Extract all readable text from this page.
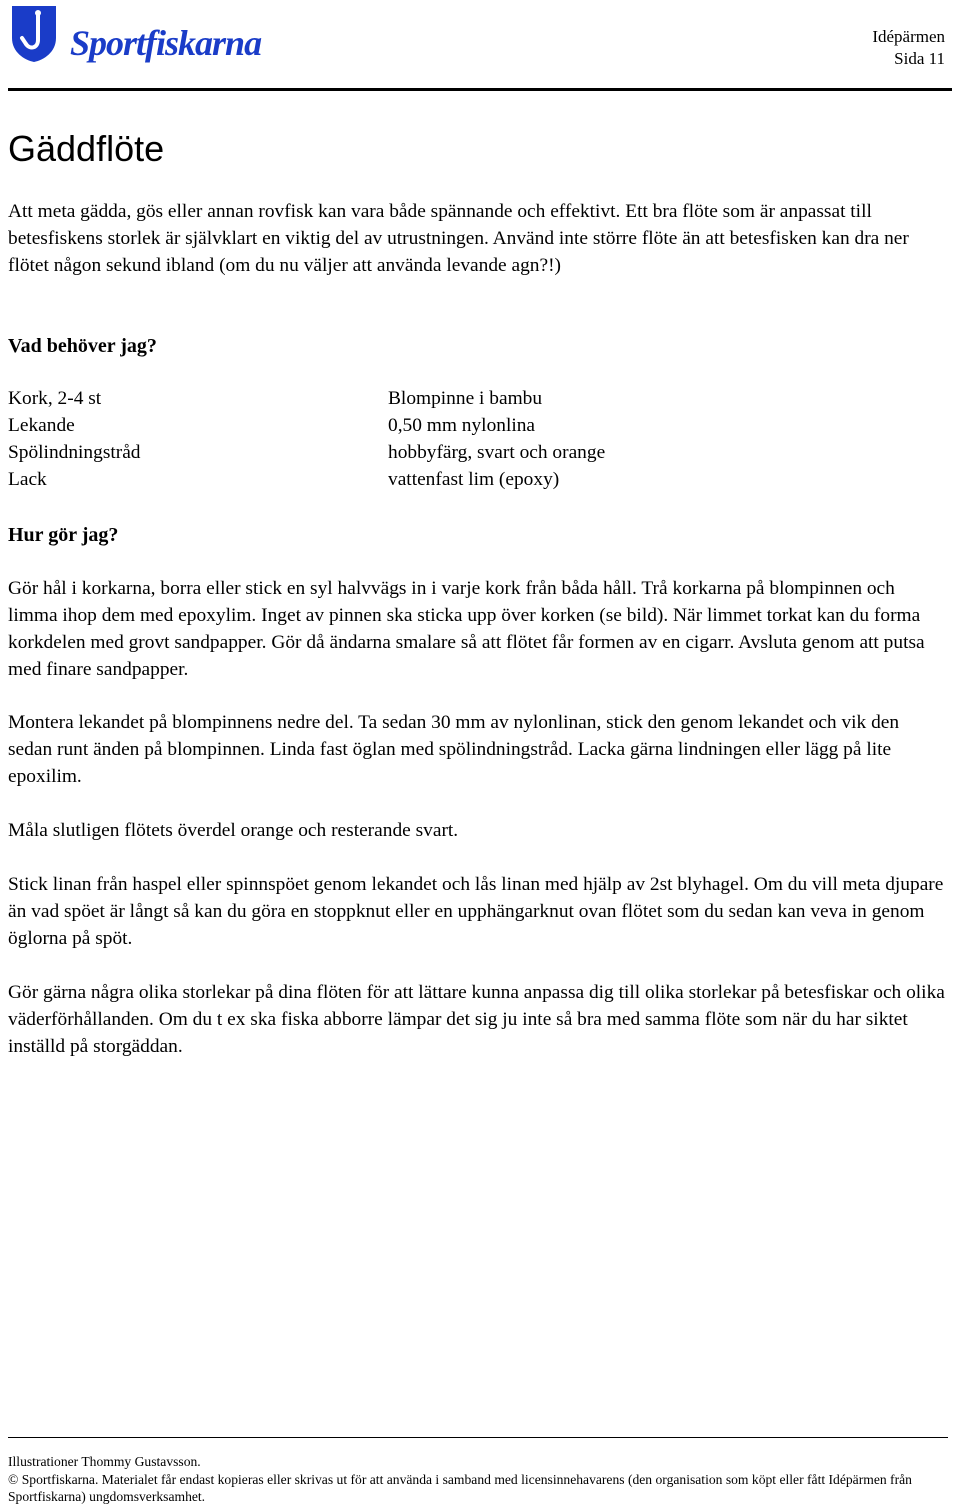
Sportfiskarna	Idépärmen
Sida 11
Gäddflöte

Att meta gädda, gös eller annan rovfisk kan vara både spännande och effektivt. Ett bra flöte som är anpassat till betesfiskens storlek är självklart en viktig del av utrustningen. Använd inte större flöte än att betesfisken kan dra ner flötet någon sekund ibland (om du nu väljer att använda levande agn?!)

Vad behöver jag?
Kork, 2-4 st
Lekande
Spölindningstråd
Lack
Blompinne i bambu
0,50 mm nylonlina
hobbyfärg, svart och orange
vattenfast lim (epoxy)
Hur gör jag?

Gör hål i korkarna, borra eller stick en syl halvvägs in i varje kork från båda håll. Trå korkarna på blompinnen och limma ihop dem med epoxylim. Inget av pinnen ska sticka upp över korken (se bild). När limmet torkat kan du forma korkdelen med grovt sandpapper. Gör då ändarna smalare så att flötet får formen av en cigarr. Avsluta genom att putsa med finare sandpapper.

Montera lekandet på blompinnens nedre del. Ta sedan 30 mm av nylonlinan, stick den genom lekandet och vik den sedan runt änden på blompinnen. Linda fast öglan med spölindningstråd. Lacka gärna lindningen eller lägg på lite epoxilim.

Måla slutligen flötets överdel orange och resterande svart.

Stick linan från haspel eller spinnspöet genom lekandet och lås linan med hjälp av 2st blyhagel. Om du vill meta djupare än vad spöet är långt så kan du göra en stoppknut eller en upphängarknut ovan flötet som du sedan kan veva in genom öglorna på spöt.

Gör gärna några olika storlekar på dina flöten för att lättare kunna anpassa dig till olika storlekar på betesfiskar och olika väderförhållanden. Om du t ex ska fiska abborre lämpar det sig ju inte så bra med samma flöte som när du har siktet inställd på storgäddan.

Illustrationer Thommy Gustavsson.

© Sportfiskarna. Materialet får endast kopieras eller skrivas ut för att använda i samband med licensinnehavarens (den organisation som köpt eller fått Idépärmen från Sportfiskarna) ungdomsverksamhet.
